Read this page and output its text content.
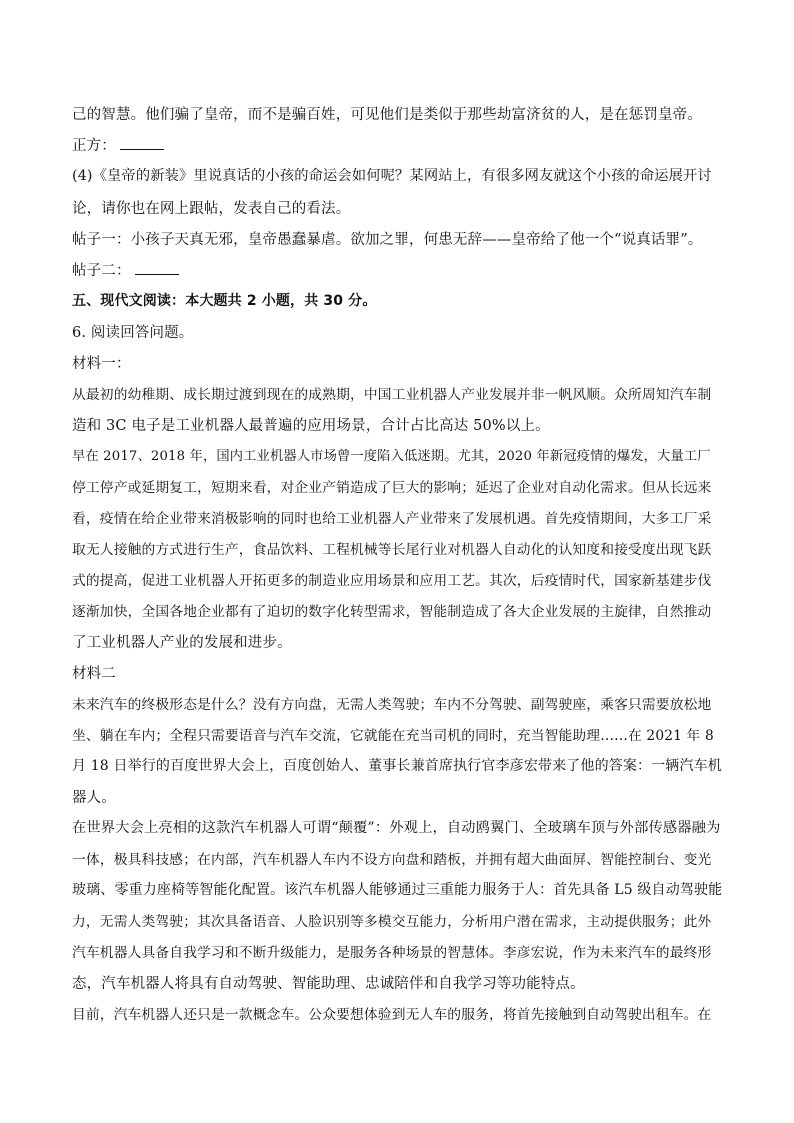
己的智慧。他们骗了皇帝，而不是骗百姓，可见他们是类似于那些劫富济贫的人，是在惩罚皇帝。
正方：
(4)《皇帝的新装》里说真话的小孩的命运会如何呢？某网站上，有很多网友就这个小孩的命运展开讨
论，请你也在网上跟帖，发表自己的看法。
帖子一：小孩子天真无邪，皇帝愚蠢暴虐。欲加之罪，何患无辞——皇帝给了他一个“说真话罪”。
帖子二：
五、现代文阅读：本大题共 2 小题，共 30 分。
6. 阅读回答问题。
材料一：
从最初的幼稚期、成长期过渡到现在的成熟期，中国工业机器人产业发展并非一帆风顺。众所周知汽车制
造和 3C 电子是工业机器人最普遍的应用场景，合计占比高达 50%以上。
早在 2017、2018 年，国内工业机器人市场曾一度陷入低迷期。尤其，2020 年新冠疫情的爆发，大量工厂
停工停产或延期复工，短期来看，对企业产销造成了巨大的影响；延迟了企业对自动化需求。但从长远来
看，疫情在给企业带来消极影响的同时也给工业机器人产业带来了发展机遇。首先疫情期间，大多工厂采
取无人接触的方式进行生产，食品饮料、工程机械等长尾行业对机器人自动化的认知度和接受度出现飞跃
式的提高，促进工业机器人开拓更多的制造业应用场景和应用工艺。其次，后疫情时代，国家新基建步伐
逐渐加快，全国各地企业都有了迫切的数字化转型需求，智能制造成了各大企业发展的主旋律，自然推动
了工业机器人产业的发展和进步。
材料二
未来汽车的终极形态是什么？没有方向盘，无需人类驾驶；车内不分驾驶、副驾驶座，乘客只需要放松地
坐、躺在车内；全程只需要语音与汽车交流，它就能在充当司机的同时，充当智能助理……在 2021 年 8
月 18 日举行的百度世界大会上，百度创始人、董事长兼首席执行官李彦宏带来了他的答案：一辆汽车机
器人。
在世界大会上亮相的这款汽车机器人可谓“颠覆”：外观上，自动鸥翼门、全玻璃车顶与外部传感器融为
一体，极具科技感；在内部，汽车机器人车内不设方向盘和踏板，并拥有超大曲面屏、智能控制台、变光
玻璃、零重力座椅等智能化配置。该汽车机器人能够通过三重能力服务于人：首先具备 L5 级自动驾驶能
力，无需人类驾驶；其次具备语音、人脸识别等多模交互能力，分析用户潜在需求，主动提供服务；此外
汽车机器人具备自我学习和不断升级能力，是服务各种场景的智慧体。李彦宏说，作为未来汽车的最终形
态，汽车机器人将具有自动驾驶、智能助理、忠诚陪伴和自我学习等功能特点。
目前，汽车机器人还只是一款概念车。公众要想体验到无人车的服务，将首先接触到自动驾驶出租车。在
